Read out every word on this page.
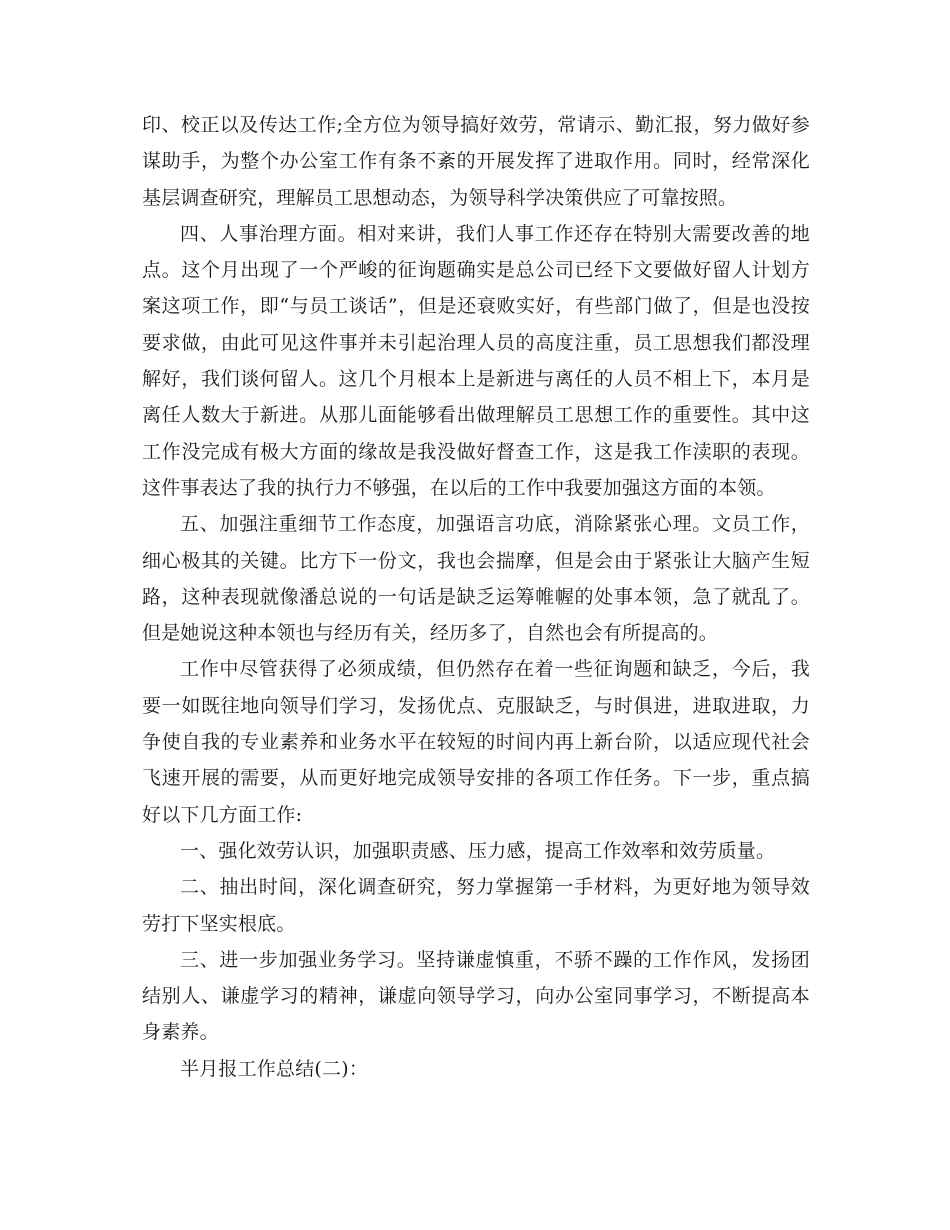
印、校正以及传达工作;全方位为领导搞好效劳，常请示、勤汇报，努力做好参谋助手，为整个办公室工作有条不紊的开展发挥了进取作用。同时，经常深化基层调查研究，理解员工思想动态，为领导科学决策供应了可靠按照。

四、人事治理方面。相对来讲，我们人事工作还存在特别大需要改善的地点。这个月出现了一个严峻的征询题确实是总公司已经下文要做好留人计划方案这项工作，即“与员工谈话”，但是还衰败实好，有些部门做了，但是也没按要求做，由此可见这件事并未引起治理人员的高度注重，员工思想我们都没理解好，我们谈何留人。这几个月根本上是新进与离任的人员不相上下，本月是离任人数大于新进。从那儿面能够看出做理解员工思想工作的重要性。其中这工作没完成有极大方面的缘故是我没做好督查工作，这是我工作渎职的表现。这件事表达了我的执行力不够强，在以后的工作中我要加强这方面的本领。

五、加强注重细节工作态度，加强语言功底，消除紧张心理。文员工作，细心极其的关键。比方下一份文，我也会揣摩，但是会由于紧张让大脑产生短路，这种表现就像潘总说的一句话是缺乏运筹帷幄的处事本领，急了就乱了。但是她说这种本领也与经历有关，经历多了，自然也会有所提高的。

工作中尽管获得了必须成绩，但仍然存在着一些征询题和缺乏，今后，我要一如既往地向领导们学习，发扬优点、克服缺乏，与时俱进，进取进取，力争使自我的专业素养和业务水平在较短的时间内再上新台阶，以适应现代社会飞速开展的需要，从而更好地完成领导安排的各项工作任务。下一步，重点搞好以下几方面工作:

一、强化效劳认识，加强职责感、压力感，提高工作效率和效劳质量。

二、抽出时间，深化调查研究，努力掌握第一手材料，为更好地为领导效劳打下坚实根底。

三、进一步加强业务学习。坚持谦虚慎重，不骄不躁的工作作风，发扬团结别人、谦虚学习的精神，谦虚向领导学习，向办公室同事学习，不断提高本身素养。

半月报工作总结(二)：
